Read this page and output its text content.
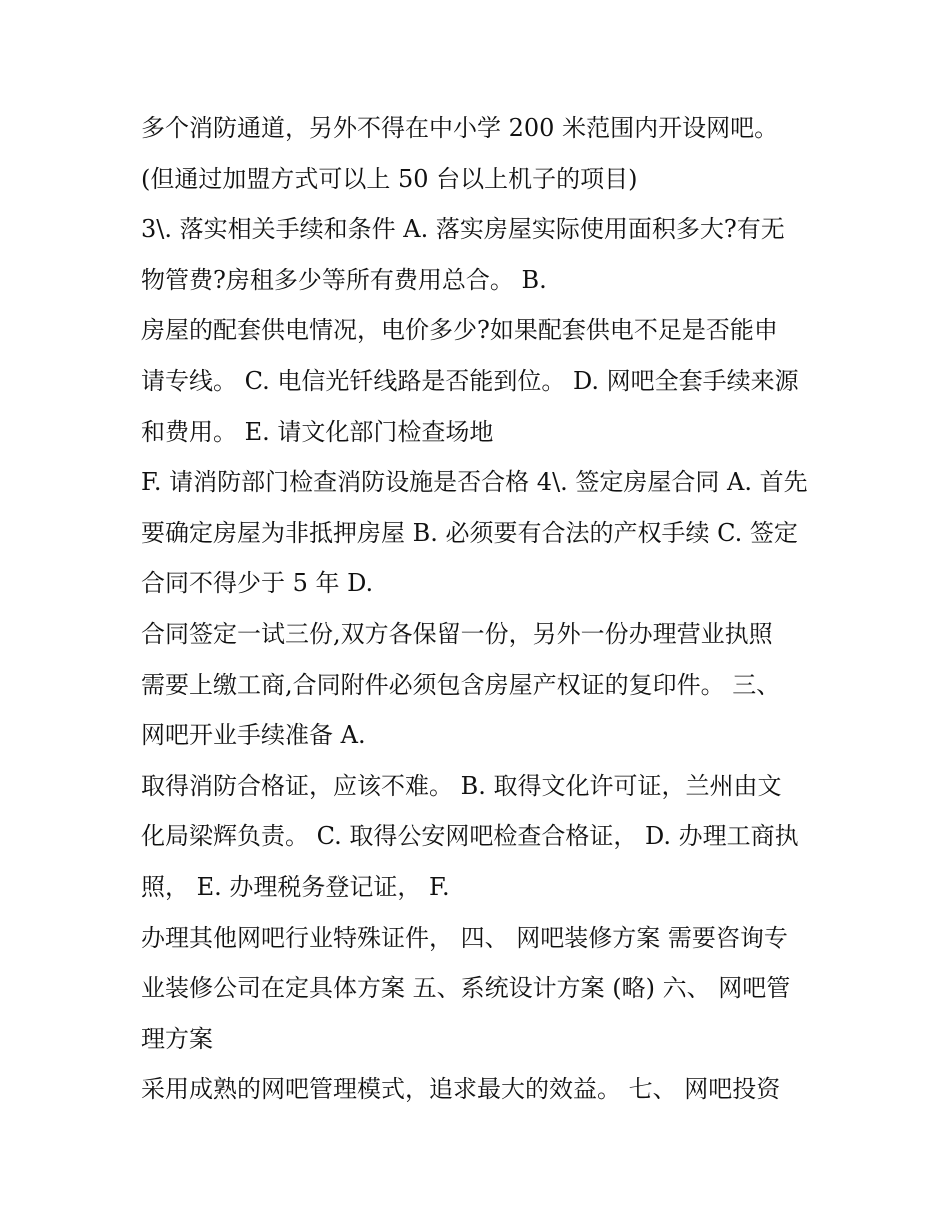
多个消防通道，另外不得在中小学 200 米范围内开设网吧。
(但通过加盟方式可以上 50 台以上机子的项目)
3\. 落实相关手续和条件 A. 落实房屋实际使用面积多大?有无
物管费?房租多少等所有费用总合。 B.
房屋的配套供电情况，电价多少?如果配套供电不足是否能申
请专线。 C. 电信光钎线路是否能到位。 D. 网吧全套手续来源
和费用。 E. 请文化部门检查场地
F. 请消防部门检查消防设施是否合格 4\. 签定房屋合同 A. 首先
要确定房屋为非抵押房屋 B. 必须要有合法的产权手续 C. 签定
合同不得少于 5 年 D.
合同签定一试三份,双方各保留一份，另外一份办理营业执照
需要上缴工商,合同附件必须包含房屋产权证的复印件。 三、
网吧开业手续准备 A.
取得消防合格证，应该不难。 B. 取得文化许可证，兰州由文
化局梁辉负责。 C. 取得公安网吧检查合格证， D. 办理工商执
照， E. 办理税务登记证， F.
办理其他网吧行业特殊证件， 四、 网吧装修方案 需要咨询专
业装修公司在定具体方案 五、系统设计方案 (略) 六、 网吧管
理方案
采用成熟的网吧管理模式，追求最大的效益。 七、 网吧投资
